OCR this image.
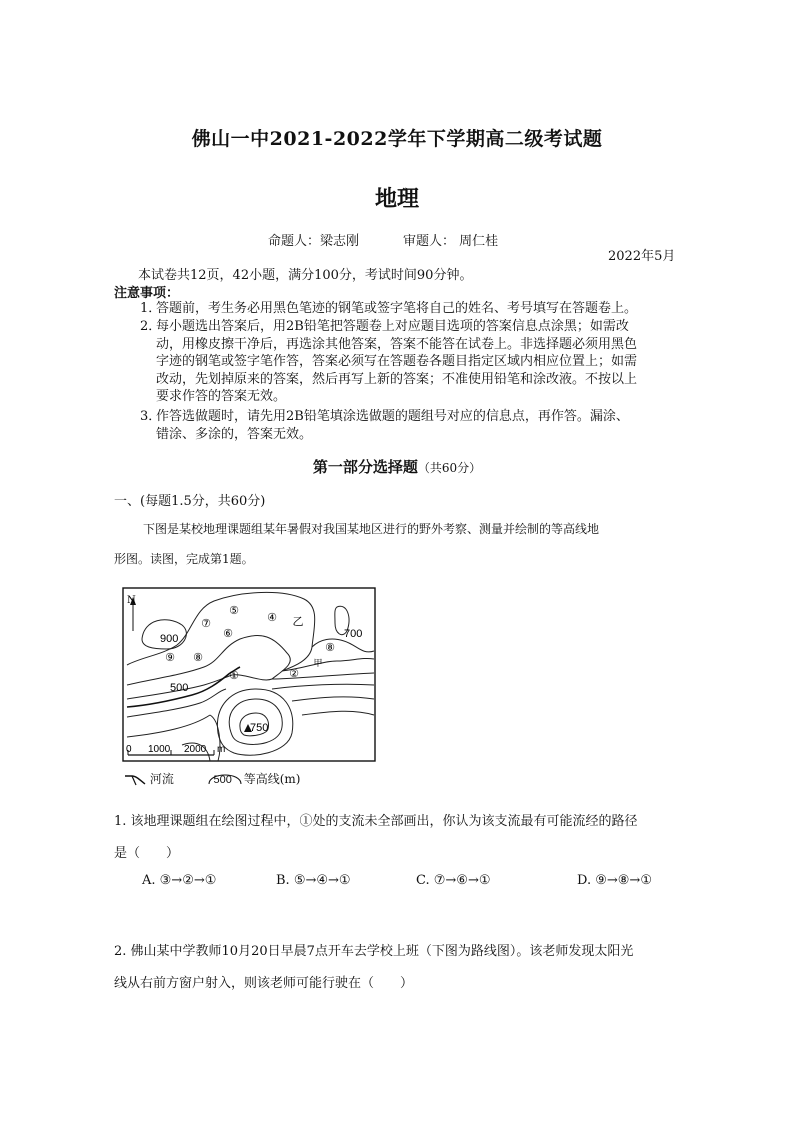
佛山一中2021-2022学年下学期高二级考试题
地理
命题人：梁志刚	审题人： 周仁桂
2022年5月
本试卷共12页，42小题，满分100分，考试时间90分钟。
注意事项：
1．答题前，考生务必用黑色笔迹的钢笔或签字笔将自己的姓名、考号填写在答题卷上。
2．每小题选出答案后，用2B铅笔把答题卷上对应题目选项的答案信息点涂黑；如需改
动，用橡皮擦干净后，再选涂其他答案，答案不能答在试卷上。非选择题必须用黑色
字迹的钢笔或签字笔作答，答案必须写在答题卷各题目指定区域内相应位置上；如需
改动，先划掉原来的答案，然后再写上新的答案；不准使用铅笔和涂改液。不按以上
要求作答的答案无效。
3．作答选做题时，请先用2B铅笔填涂选做题的题组号对应的信息点，再作答。漏涂、
错涂、多涂的，答案无效。
第一部分选择题（共60分）
一、(每题1.5分，共60分)
下图是某校地理课题组某年暑假对我国某地区进行的野外考察、测量并绘制的等高线地
形图。读图，完成第1题。
N
①	②
⑤
⑦
⑥
④ 乙
⑧
甲
⑨ ⑧
900	700
500
750
0 1000 2000 m
河流	500 等高线(m)
1. 该地理课题组在绘图过程中，①处的支流未全部画出，你认为该支流最有可能流经的路径
是（　　）
A. ③→②→①	B. ⑤→④→①	C. ⑦→⑥→①	D. ⑨→⑧→①
2. 佛山某中学教师10月20日早晨7点开车去学校上班（下图为路线图）。该老师发现太阳光
线从右前方窗户射入，则该老师可能行驶在（　　）
